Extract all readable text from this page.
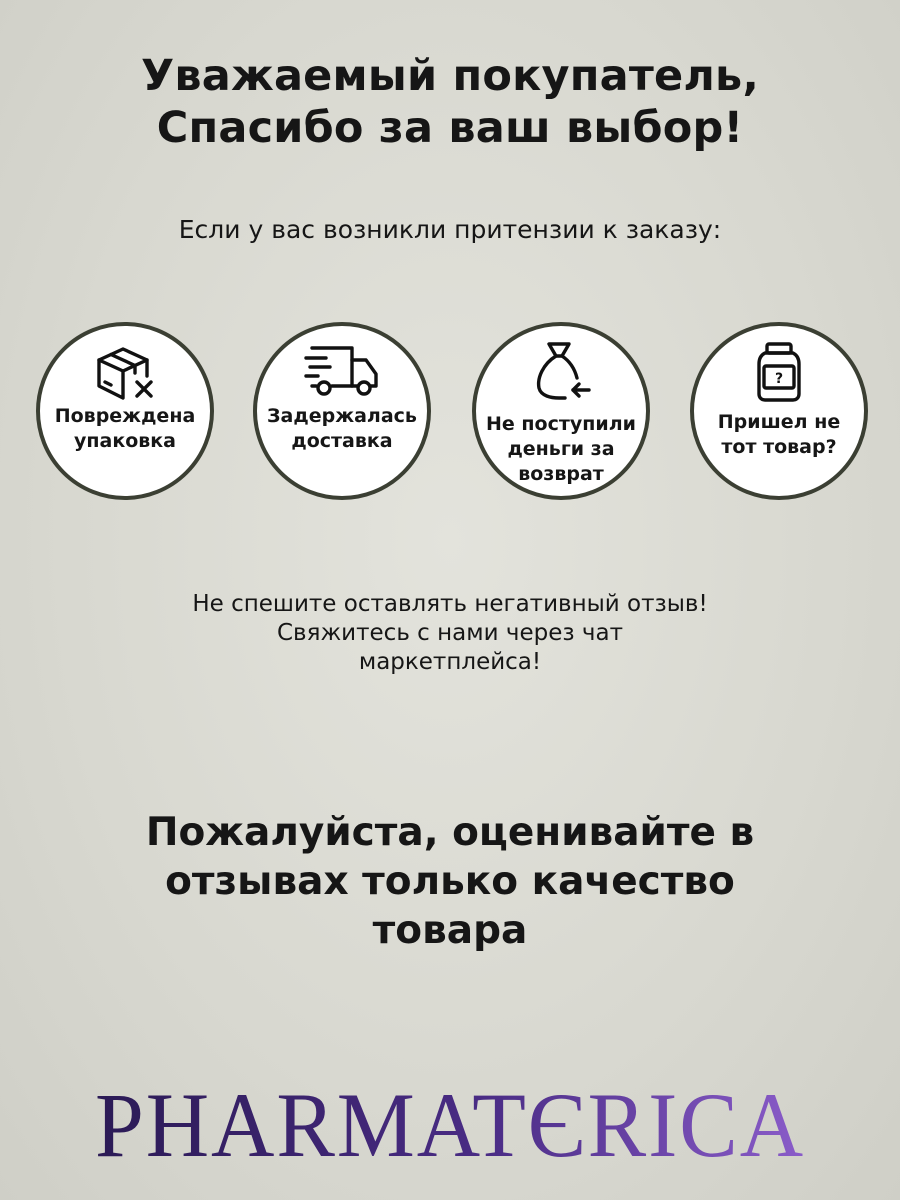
Уважаемый покупатель,
Спасибо за ваш выбор!
Если у вас возникли притензии к заказу:
Повреждена
упаковка
Задержалась
доставка
Не поступили
деньги за
возврат
?
Пришел не
тот товар?
Не спешите оставлять негативный отзыв!
Свяжитесь с нами через чат
маркетплейса!
Пожалуйста, оценивайте в
отзывах только качество
товара
PHARMATЄRICA
